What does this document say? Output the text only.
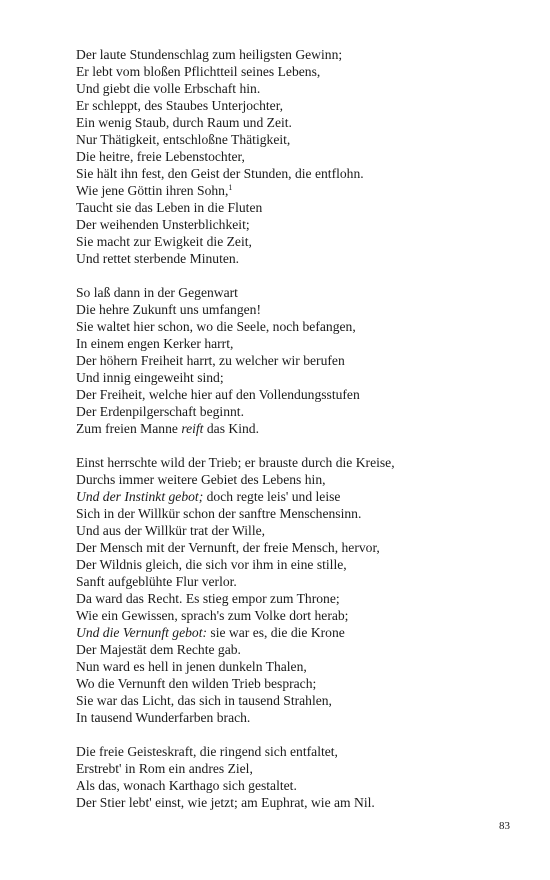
Der laute Stundenschlag zum heiligsten Gewinn;
Er lebt vom bloßen Pflichtteil seines Lebens,
Und giebt die volle Erbschaft hin.
Er schleppt, des Staubes Unterjochter,
Ein wenig Staub, durch Raum und Zeit.
Nur Thätigkeit, entschloßne Thätigkeit,
Die heitre, freie Lebenstochter,
Sie hält ihn fest, den Geist der Stunden, die entflohn.
Wie jene Göttin ihren Sohn,$^1$
Taucht sie das Leben in die Fluten
Der weihenden Unsterblichkeit;
Sie macht zur Ewigkeit die Zeit,
Und rettet sterbende Minuten.
So laß dann in der Gegenwart
Die hehre Zukunft uns umfangen!
Sie waltet hier schon, wo die Seele, noch befangen,
In einem engen Kerker harrt,
Der höhern Freiheit harrt, zu welcher wir berufen
Und innig eingeweiht sind;
Der Freiheit, welche hier auf den Vollendungsstufen
Der Erdenpilgerschaft beginnt.
Zum freien Manne reift das Kind.
Einst herrschte wild der Trieb; er brauste durch die Kreise,
Durchs immer weitere Gebiet des Lebens hin,
Und der Instinkt gebot; doch regte leis' und leise
Sich in der Willkür schon der sanftre Menschensinn.
Und aus der Willkür trat der Wille,
Der Mensch mit der Vernunft, der freie Mensch, hervor,
Der Wildnis gleich, die sich vor ihm in eine stille,
Sanft aufgeblühte Flur verlor.
Da ward das Recht. Es stieg empor zum Throne;
Wie ein Gewissen, sprach's zum Volke dort herab;
Und die Vernunft gebot: sie war es, die die Krone
Der Majestät dem Rechte gab.
Nun ward es hell in jenen dunkeln Thalen,
Wo die Vernunft den wilden Trieb besprach;
Sie war das Licht, das sich in tausend Strahlen,
In tausend Wunderfarben brach.
Die freie Geisteskraft, die ringend sich entfaltet,
Erstrebt' in Rom ein andres Ziel,
Als das, wonach Karthago sich gestaltet.
Der Stier lebt' einst, wie jetzt; am Euphrat, wie am Nil.
83
